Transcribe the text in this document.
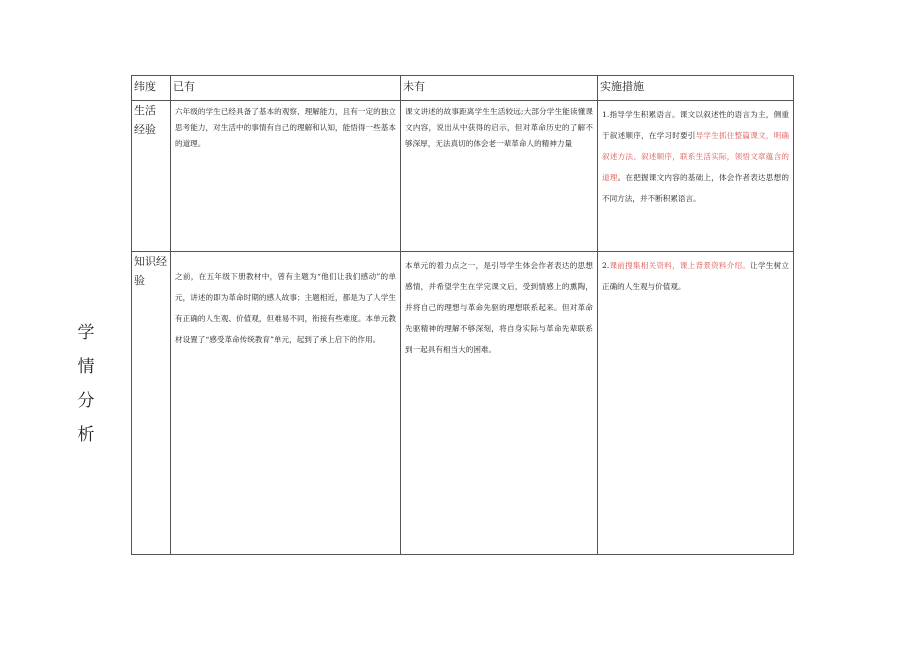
学
情
分
析
纬度	已有	未有	实施措施

生活
经验	六年级的学生已经具备了基本的观察、理解能力，且有一定的独立思考能力，对生活中的事情有自己的理解和认知，能悟得一些基本的道理。	课文讲述的故事距离学生生活较远;大部分学生能读懂课文内容，说出从中获得的启示，但对革命历史的了解不够深厚，无法真切的体会老一辈革命人的精神力量	1.指导学生积累语言。课文以叙述性的语言为主，侧重于叙述顺序，在学习时要引导学生抓住整篇课文，明确叙述方法、叙述顺序，联系生活实际，领悟文章蕴含的道理。在把握课文内容的基础上，体会作者表达思想的不同方法，并不断积累语言。

知识经
验	之前，在五年级下册教材中，曾有主题为“他们让我们感动”的单元，讲述的即为革命时期的感人故事；主题相近，都是为了人学生有正确的人生观、价值观，但难易不同，衔接有些难度。本单元教材设置了“感受革命传统教育”单元，起到了承上启下的作用。	本单元的着力点之一，是引导学生体会作者表达的思想感情，并希望学生在学完课文后，受到情感上的熏陶，并将自己的理想与革命先驱的理想联系起来。但对革命先驱精神的理解不够深刻，将自身实际与革命先辈联系到一起具有相当大的困难。	2.课前搜集相关资料，课上背景资料介绍。让学生树立正确的人生观与价值观。
